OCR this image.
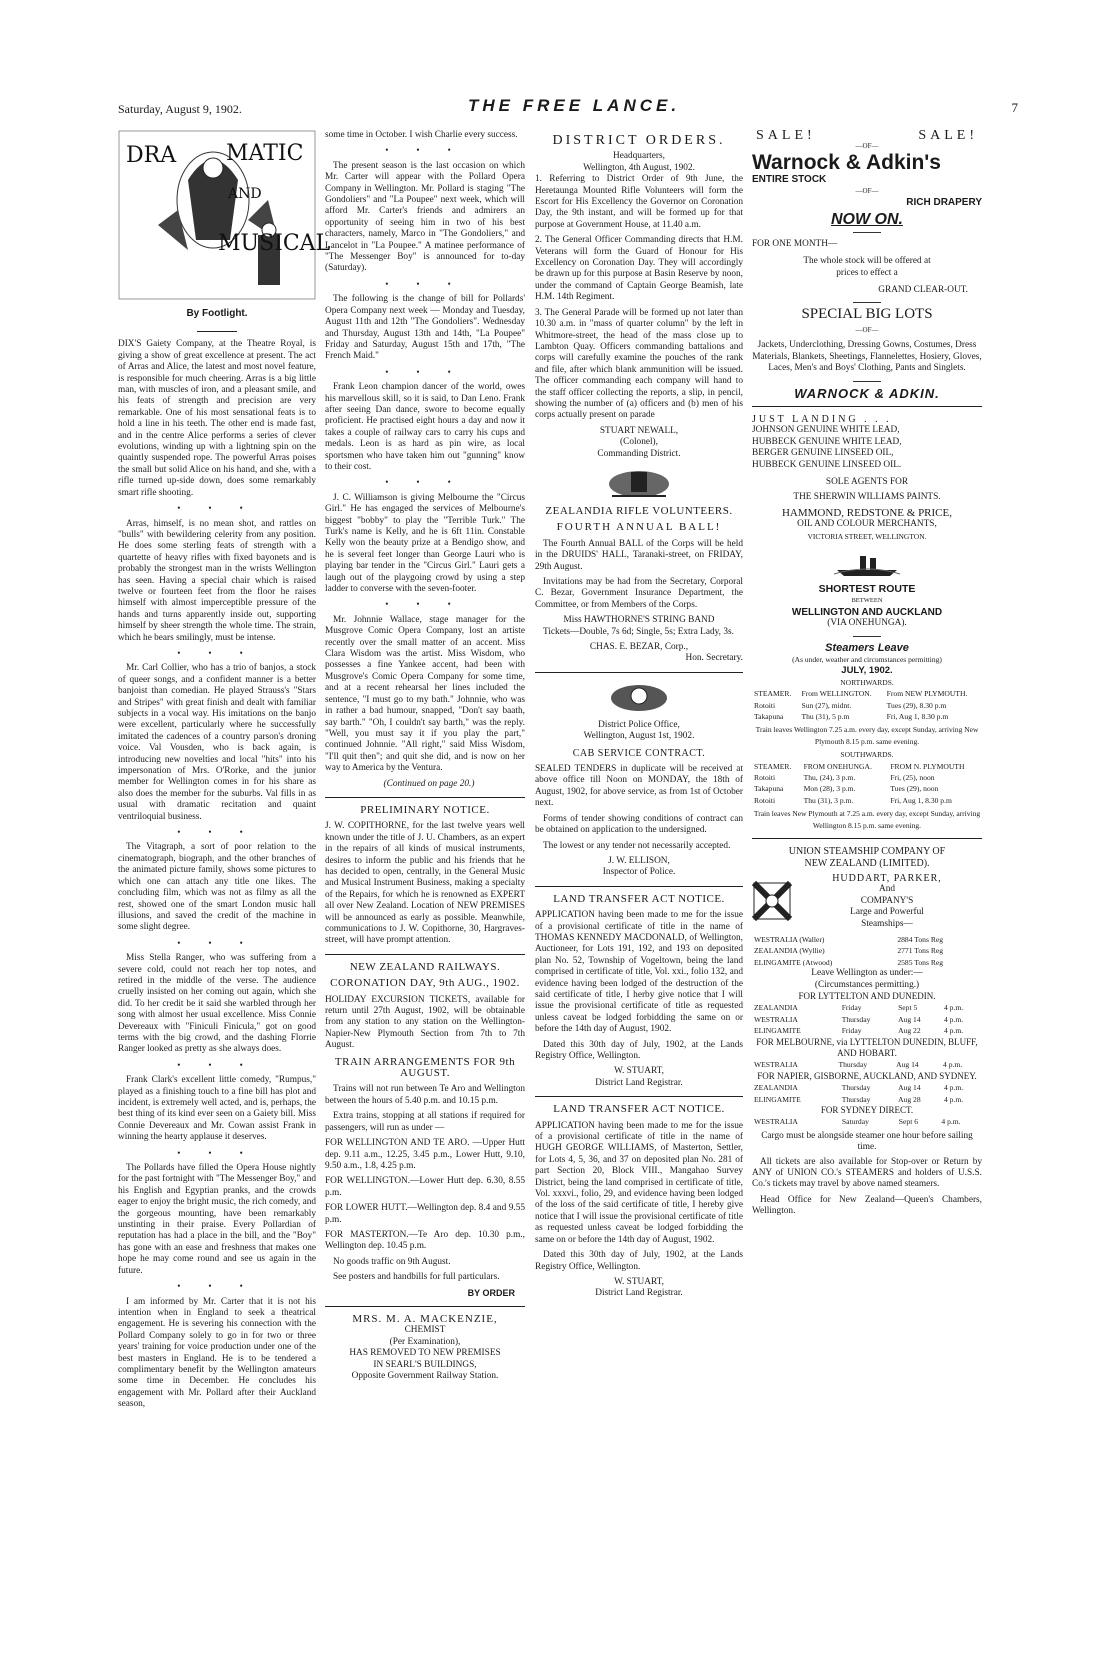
Saturday, August 9, 1902.	THE FREE LANCE.	7
DRA MATIC
AND
MUSICAL
By Footlight.

DIX'S Gaiety Company, at the Theatre Royal, is giving a show of great excellence at present. The act of Arras and Alice, the latest and most novel feature, is responsible for much cheering. Arras is a big little man, with muscles of iron, and a pleasant smile, and his feats of strength and precision are very remarkable. One of his most sensational feats is to hold a line in his teeth. The other end is made fast, and in the centre Alice performs a series of clever evolutions, winding up with a lightning spin on the quaintly suspended rope. The powerful Arras poises the small but solid Alice on his hand, and she, with a rifle turned up-side down, does some remarkably smart rifle shooting.

•••

Arras, himself, is no mean shot, and rattles on "bulls" with bewildering celerity from any position. He does some sterling feats of strength with a quartette of heavy rifles with fixed bayonets and is probably the strongest man in the wrists Wellington has seen. Having a special chair which is raised twelve or fourteen feet from the floor he raises himself with almost imperceptible pressure of the hands and turns apparently inside out, supporting himself by sheer strength the whole time. The strain, which he bears smilingly, must be intense.

•••

Mr. Carl Collier, who has a trio of banjos, a stock of queer songs, and a confident manner is a better banjoist than comedian. He played Strauss's "Stars and Stripes" with great finish and dealt with familiar subjects in a vocal way. His imitations on the banjo were excellent, particularly where he successfully imitated the cadences of a country parson's droning voice. Val Vousden, who is back again, is introducing new novelties and local "hits" into his impersonation of Mrs. O'Rorke, and the junior member for Wellington comes in for his share as also does the member for the suburbs. Val fills in as usual with dramatic recitation and quaint ventriloquial business.

•••

The Vitagraph, a sort of poor relation to the cinematograph, biograph, and the other branches of the animated picture family, shows some pictures to which one can attach any title one likes. The concluding film, which was not as filmy as all the rest, showed one of the smart London music hall illusions, and saved the credit of the machine in some slight degree.

•••

Miss Stella Ranger, who was suffering from a severe cold, could not reach her top notes, and retired in the middle of the verse. The audience cruelly insisted on her coming out again, which she did. To her credit be it said she warbled through her song with almost her usual excellence. Miss Connie Devereaux with "Finiculi Finicula," got on good terms with the big crowd, and the dashing Florrie Ranger looked as pretty as she always does.

•••

Frank Clark's excellent little comedy, "Rumpus," played as a finishing touch to a fine bill has plot and incident, is extremely well acted, and is, perhaps, the best thing of its kind ever seen on a Gaiety bill. Miss Connie Devereaux and Mr. Cowan assist Frank in winning the hearty applause it deserves.

•••

The Pollards have filled the Opera House nightly for the past fortnight with "The Messenger Boy," and his English and Egyptian pranks, and the crowds eager to enjoy the bright music, the rich comedy, and the gorgeous mounting, have been remarkably unstinting in their praise. Every Pollardian of reputation has had a place in the bill, and the "Boy" has gone with an ease and freshness that makes one hope he may come round and see us again in the future.

•••

I am informed by Mr. Carter that it is not his intention when in England to seek a theatrical engagement. He is severing his connection with the Pollard Company solely to go in for two or three years' training for voice production under one of the best masters in England. He is to be tendered a complimentary benefit by the Wellington amateurs some time in December. He concludes his engagement with Mr. Pollard after their Auckland season,

some time in October. I wish Charlie every success.

•••

The present season is the last occasion on which Mr. Carter will appear with the Pollard Opera Company in Wellington. Mr. Pollard is staging "The Gondoliers" and "La Poupee" next week, which will afford Mr. Carter's friends and admirers an opportunity of seeing him in two of his best characters, namely, Marco in "The Gondoliers," and Lancelot in "La Poupee." A matinee performance of "The Messenger Boy" is announced for to-day (Saturday).

•••

The following is the change of bill for Pollards' Opera Company next week — Monday and Tuesday, August 11th and 12th "The Gondoliers". Wednesday and Thursday, August 13th and 14th, "La Poupee" Friday and Saturday, August 15th and 17th, "The French Maid."

•••

Frank Leon champion dancer of the world, owes his marvellous skill, so it is said, to Dan Leno. Frank after seeing Dan dance, swore to become equally proficient. He practised eight hours a day and now it takes a couple of railway cars to carry his cups and medals. Leon is as hard as pin wire, as local sportsmen who have taken him out "gunning" know to their cost.

•••

J. C. Williamson is giving Melbourne the "Circus Girl." He has engaged the services of Melbourne's biggest "bobby" to play the "Terrible Turk." The Turk's name is Kelly, and he is 6ft 11in. Constable Kelly won the beauty prize at a Bendigo show, and he is several feet longer than George Lauri who is playing bar tender in the "Circus Girl." Lauri gets a laugh out of the playgoing crowd by using a step ladder to converse with the seven-footer.

•••

Mr. Johnnie Wallace, stage manager for the Musgrove Comic Opera Company, lost an artiste recently over the small matter of an accent. Miss Clara Wisdom was the artist. Miss Wisdom, who possesses a fine Yankee accent, had been with Musgrove's Comic Opera Company for some time, and at a recent rehearsal her lines included the sentence, "I must go to my bath." Johnnie, who was in rather a bad humour, snapped, "Don't say baath, say barth." "Oh, I couldn't say barth," was the reply. "Well, you must say it if you play the part," continued Johnnie. "All right," said Miss Wisdom, "I'll quit then"; and quit she did, and is now on her way to America by the Ventura.

(Continued on page 20.)

PRELIMINARY NOTICE.

J. W. COPITHORNE, for the last twelve years well known under the title of J. U. Chambers, as an expert in the repairs of all kinds of musical instruments, desires to inform the public and his friends that he has decided to open, centrally, in the General Music and Musical Instrument Business, making a specialty of the Repairs, for which he is renowned as EXPERT all over New Zealand. Location of NEW PREMISES will be announced as early as possible. Meanwhile, communications to J. W. Copithorne, 30, Hargraves-street, will have prompt attention.

NEW ZEALAND RAILWAYS.
CORONATION DAY, 9th AUG., 1902.

HOLIDAY EXCURSION TICKETS, available for return until 27th August, 1902, will be obtainable from any station to any station on the Wellington-Napier-New Plymouth Section from 7th to 7th August.

TRAIN ARRANGEMENTS FOR 9th AUGUST.

Trains will not run between Te Aro and Wellington between the hours of 5.40 p.m. and 10.15 p.m.

Extra trains, stopping at all stations if required for passengers, will run as under —

FOR WELLINGTON AND TE ARO. —Upper Hutt dep. 9.11 a.m., 12.25, 3.45 p.m., Lower Hutt, 9.10, 9.50 a.m., 1.8, 4.25 p.m.

FOR WELLINGTON.—Lower Hutt dep. 6.30, 8.55 p.m.

FOR LOWER HUTT.—Wellington dep. 8.4 and 9.55 p.m.

FOR MASTERTON.—Te Aro dep. 10.30 p.m., Wellington dep. 10.45 p.m.

No goods traffic on 9th August.

See posters and handbills for full particulars.

BY ORDER
MRS. M. A. MACKENZIE,
CHEMIST
(Per Examination),
HAS REMOVED TO NEW PREMISES
IN SEARL'S BUILDINGS,
Opposite Government Railway Station.
DISTRICT ORDERS.
Headquarters,
Wellington, 4th August, 1902.

1. Referring to District Order of 9th June, the Heretaunga Mounted Rifle Volunteers will form the Escort for His Excellency the Governor on Coronation Day, the 9th instant, and will be formed up for that purpose at Government House, at 11.40 a.m.

2. The General Officer Commanding directs that H.M. Veterans will form the Guard of Honour for His Excellency on Coronation Day. They will accordingly be drawn up for this purpose at Basin Reserve by noon, under the command of Captain George Beamish, late H.M. 14th Regiment.

3. The General Parade will be formed up not later than 10.30 a.m. in "mass of quarter column" by the left in Whitmore-street, the head of the mass close up to Lambton Quay. Officers commanding battalions and corps will carefully examine the pouches of the rank and file, after which blank ammunition will be issued. The officer commanding each company will hand to the staff officer collecting the reports, a slip, in pencil, showing the number of (a) officers and (b) men of his corps actually present on parade

STUART NEWALL,
(Colonel),
Commanding District.
ZEALANDIA RIFLE VOLUNTEERS.
FOURTH ANNUAL BALL!

The Fourth Annual BALL of the Corps will be held in the DRUIDS' HALL, Taranaki-street, on FRIDAY, 29th August.

Invitations may be had from the Secretary, Corporal C. Bezar, Government Insurance Department, the Committee, or from Members of the Corps.

Miss HAWTHORNE'S STRING BAND

Tickets—Double, 7s 6d; Single, 5s; Extra Lady, 3s.

CHAS. E. BEZAR, Corp.,
Hon. Secretary.
District Police Office,
Wellington, August 1st, 1902.
CAB SERVICE CONTRACT.

SEALED TENDERS in duplicate will be received at above office till Noon on MONDAY, the 18th of August, 1902, for above service, as from 1st of October next.

Forms of tender showing conditions of contract can be obtained on application to the undersigned.

The lowest or any tender not necessarily accepted.

J. W. ELLISON,
Inspector of Police.
LAND TRANSFER ACT NOTICE.

APPLICATION having been made to me for the issue of a provisional certificate of title in the name of THOMAS KENNEDY MACDONALD, of Wellington, Auctioneer, for Lots 191, 192, and 193 on deposited plan No. 52, Township of Vogeltown, being the land comprised in certificate of title, Vol. xxi., folio 132, and evidence having been lodged of the destruction of the said certificate of title, I herby give notice that I will issue the provisional certificate of title as requested unless caveat be lodged forbidding the same on or before the 14th day of August, 1902.

Dated this 30th day of July, 1902, at the Lands Registry Office, Wellington.

W. STUART,
District Land Registrar.
LAND TRANSFER ACT NOTICE.

APPLICATION having been made to me for the issue of a provisional certificate of title in the name of HUGH GEORGE WILLIAMS, of Masterton, Settler, for Lots 4, 5, 36, and 37 on deposited plan No. 281 of part Section 20, Block VIII., Mangahao Survey District, being the land comprised in certificate of title, Vol. xxxvi., folio, 29, and evidence having been lodged of the loss of the said certificate of title, I hereby give notice that I will issue the provisional certificate of title as requested unless caveat be lodged forbidding the same on or before the 14th day of August, 1902.

Dated this 30th day of July, 1902, at the Lands Registry Office, Wellington.

W. STUART,
District Land Registrar.
SALE!	SALE!
—OF—
Warnock & Adkin's
ENTIRE STOCK
—OF—
RICH DRAPERY
NOW ON.
FOR ONE MONTH—
The whole stock will be offered at prices to effect a
GRAND CLEAR-OUT.
SPECIAL BIG LOTS
—OF—
Jackets, Underclothing, Dressing Gowns, Costumes, Dress Materials, Blankets, Sheetings, Flannelettes, Hosiery, Gloves, Laces, Men's and Boys' Clothing, Pants and Singlets.
WARNOCK & ADKIN.
JUST LANDING . . .
JOHNSON GENUINE WHITE LEAD,
HUBBECK GENUINE WHITE LEAD,
BERGER GENUINE LINSEED OIL,
HUBBECK GENUINE LINSEED OIL.
SOLE AGENTS FOR
THE SHERWIN WILLIAMS PAINTS.
HAMMOND, REDSTONE & PRICE,
OIL AND COLOUR MERCHANTS,
VICTORIA STREET, WELLINGTON.
SHORTEST ROUTE
BETWEEN
WELLINGTON AND AUCKLAND
(VIA ONEHUNGA).
Steamers Leave
(As under, weather and circumstances permitting)
JULY, 1902.
NORTHWARDS.
STEAMER.	From WELLINGTON.	From NEW PLYMOUTH.
Rotoiti	Sun (27), midnt.	Tues (29), 8.30 p.m
Takapuna	Thu (31), 5 p.m	Fri, Aug 1, 8.30 p.m
Train leaves Wellington 7.25 a.m. every day, except Sunday, arriving New Plymouth 8.15 p.m. same evening.
SOUTHWARDS.
STEAMER.	FROM ONEHUNGA.	FROM N. PLYMOUTH
Rotoiti	Thu, (24), 3 p.m.	Fri, (25), noon
Takapuna	Mon (28), 3 p.m.	Tues (29), noon
Rotoiti	Thu (31), 3 p.m.	Fri, Aug 1, 8.30 p.m
Train leaves New Plymouth at 7.25 a.m. every day, except Sunday, arriving Wellington 8.15 p.m. same evening.
UNION STEAMSHIP COMPANY OF
NEW ZEALAND (LIMITED).
HUDDART, PARKER,
And
COMPANY'S
Large and Powerful
Steamships—
WESTRALIA (Waller)	2884 Tons Reg
ZEALANDIA (Wyllie)	2771 Tons Reg
ELINGAMITE (Atwood)	2585 Tons Reg
Leave Wellington as under:—
(Circumstances permitting.)
FOR LYTTELTON AND DUNEDIN.
ZEALANDIA	Friday	Sept 5	4 p.m.
WESTRALIA	Thursday	Aug 14	4 p.m.
ELINGAMITE	Friday	Aug 22	4 p.m.
FOR MELBOURNE, via LYTTELTON DUNEDIN, BLUFF, AND HOBART.
WESTRALIA	Thursday	Aug 14	4 p.m.
FOR NAPIER, GISBORNE, AUCKLAND, AND SYDNEY.
ZEALANDIA	Thursday	Aug 14	4 p.m.
ELINGAMITE	Thursday	Aug 28	4 p.m.
FOR SYDNEY DIRECT.
WESTRALIA	Saturday	Sept 6	4 p.m.
Cargo must be alongside steamer one hour before sailing time.

All tickets are also available for Stop-over or Return by ANY of UNION CO.'s STEAMERS and holders of U.S.S. Co.'s tickets may travel by above named steamers.

Head Office for New Zealand—Queen's Chambers, Wellington.
